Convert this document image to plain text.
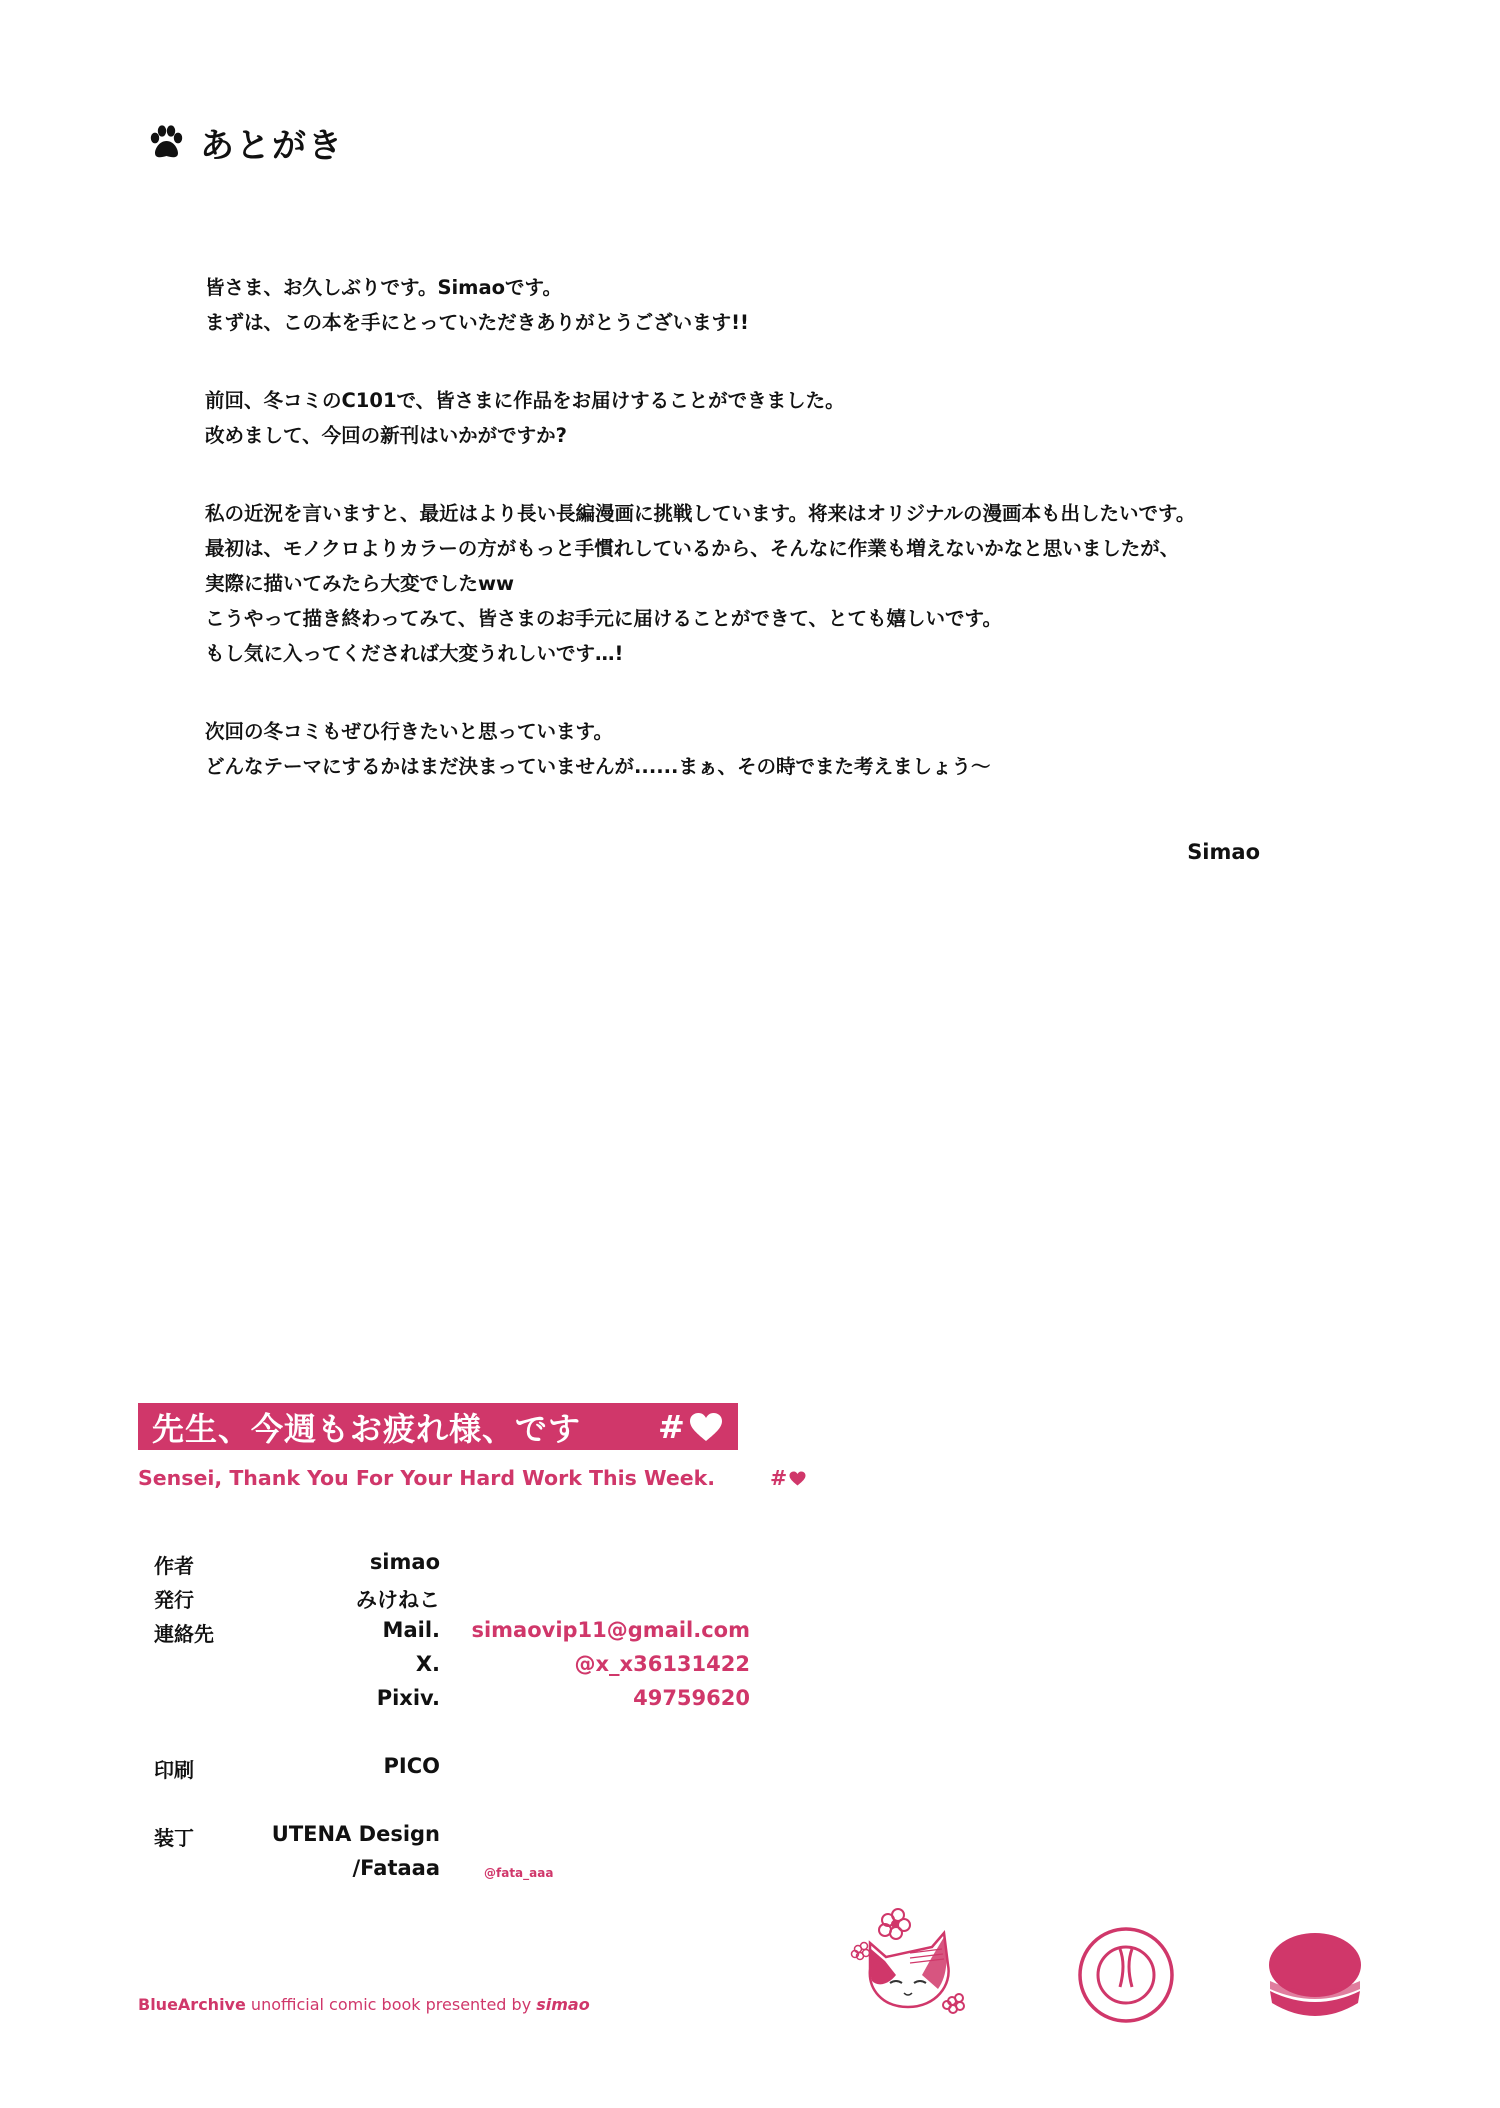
あとがき
皆さま、お久しぶりです。Simaoです。
まずは、この本を手にとっていただきありがとうございます!!
前回、冬コミのC101で、皆さまに作品をお届けすることができました。
改めまして、今回の新刊はいかがですか?
私の近況を言いますと、最近はより長い長編漫画に挑戦しています。将来はオリジナルの漫画本も出したいです。
最初は、モノクロよりカラーの方がもっと手慣れしているから、そんなに作業も増えないかなと思いましたが、
実際に描いてみたら大変でしたww
こうやって描き終わってみて、皆さまのお手元に届けることができて、とても嬉しいです。
もし気に入ってくだされば大変うれしいです…!
次回の冬コミもぜひ行きたいと思っています。
どんなテーマにするかはまだ決まっていませんが......まぁ、その時でまた考えましょう〜
Simao
先生、今週もお疲れ様、です #
Sensei, Thank You For Your Hard Work This Week.	#
作者	simao
発行	みけねこ
連絡先	Mail. simaovip11@gmail.com
X.	@x_x36131422
Pixiv.	49759620
印刷	PICO
装丁	UTENA Design
/Fataaa	@fata_aaa
BlueArchive unofficial comic book presented by simao
